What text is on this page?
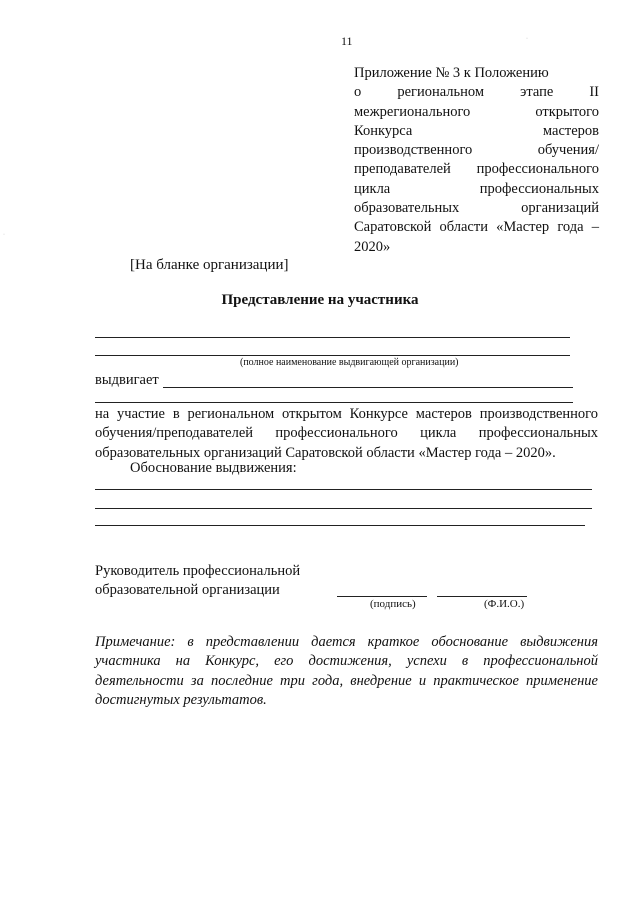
11	·
·
Приложение № 3 к Положению
о региональном этапе II
межрегионального открытого
Конкурса мастеров
производственного обучения/
преподавателей профессионального
цикла профессиональных
образовательных организаций
Саратовской области «Мастер года –
2020»
[На бланке организации]
Представление на участника
(полное наименование выдвигающей организации)
выдвигает
на участие в региональном открытом Конкурсе мастеров производственного
обучения/преподавателей профессионального цикла профессиональных
образовательных организаций Саратовской области «Мастер года – 2020».
Обоснование выдвижения:
Руководитель профессиональной
образовательной организации
(подпись)	(Ф.И.О.)
Примечание: в представлении дается краткое обоснование выдвижения
участника на Конкурс, его достижения, успехи в профессиональной
деятельности за последние три года, внедрение и практическое применение
достигнутых результатов.
